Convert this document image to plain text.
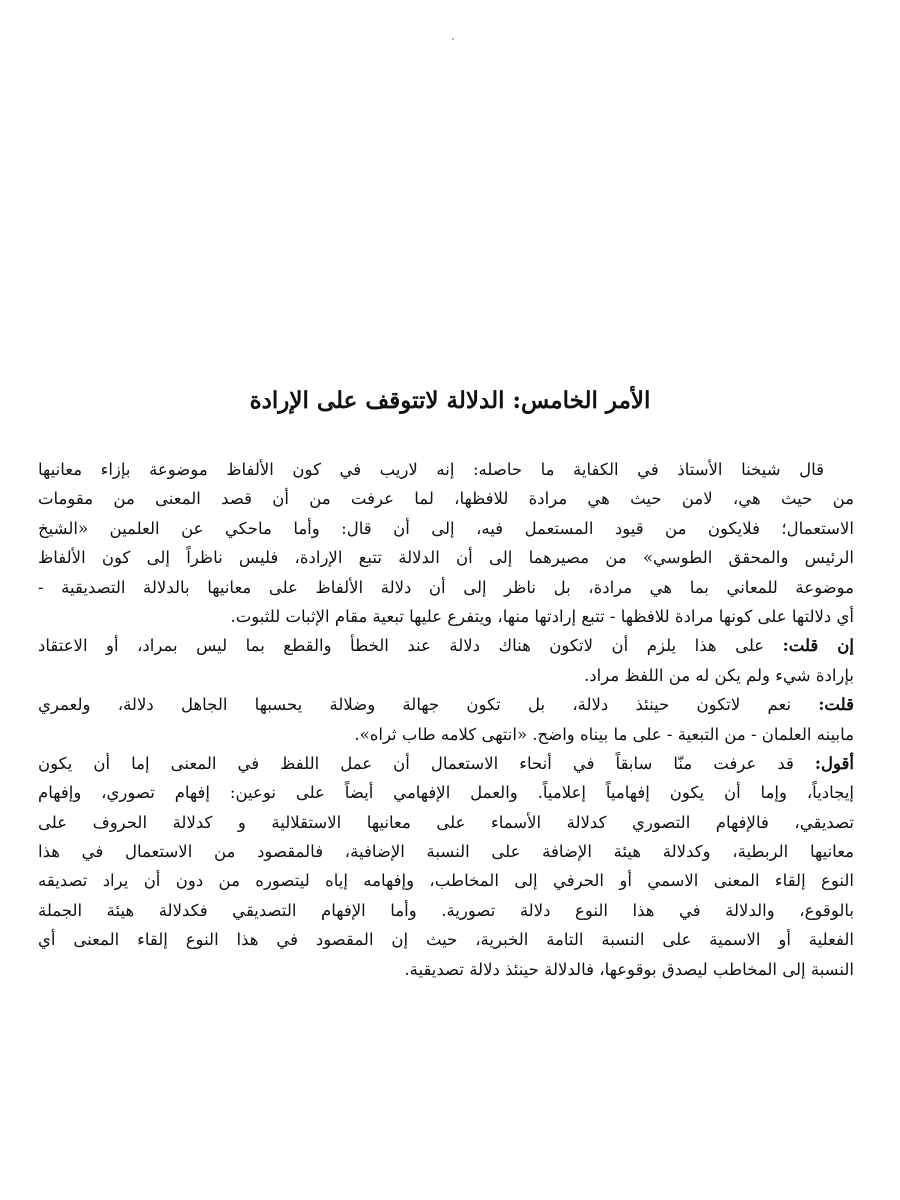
الأمر الخامس: الدلالة لاتتوقف على الإرادة
قال شيخنا الأستاذ في الكفاية ما حاصله: إنه لاريب في كون الألفاظ موضوعة بإزاء معانيها
من حيث هي، لامن حيث هي مرادة للافظها، لما عرفت من أن قصد المعنى من مقومات
الاستعمال؛ فلايكون من قيود المستعمل فيه، إلى أن قال: وأما ماحكي عن العلمين «الشيخ
الرئيس والمحقق الطوسي» من مصيرهما إلى أن الدلالة تتبع الإرادة، فليس ناظراً إلى كون الألفاظ
موضوعة للمعاني بما هي مرادة، بل ناظر إلى أن دلالة الألفاظ على معانيها بالدلالة التصديقية -
أي دلالتها على كونها مرادة للافظها - تتبع إرادتها منها، ويتفرع عليها تبعية مقام الإثبات للثبوت.
إن قلت: على هذا يلزم أن لاتكون هناك دلالة عند الخطأ والقطع بما ليس بمراد، أو الاعتقاد
بإرادة شيء ولم يكن له من اللفظ مراد.
قلت: نعم لاتكون حينئذ دلالة، بل تكون جهالة وضلالة يحسبها الجاهل دلالة، ولعمري
مابينه العلمان - من التبعية - على ما بيناه واضح. «انتهى كلامه طاب ثراه».
أقول: قد عرفت منّا سابقاً في أنحاء الاستعمال أن عمل اللفظ في المعنى إما أن يكون
إيجادياً، وإما أن يكون إفهامياً إعلامياً. والعمل الإفهامي أيضاً على نوعين: إفهام تصوري، وإفهام
تصديقي، فالإفهام التصوري كدلالة الأسماء على معانيها الاستقلالية و كدلالة الحروف على
معانيها الربطية، وكدلالة هيئة الإضافة على النسبة الإضافية، فالمقصود من الاستعمال في هذا
النوع إلقاء المعنى الاسمي أو الحرفي إلى المخاطب، وإفهامه إياه ليتصوره من دون أن يراد تصديقه
بالوقوع، والدلالة في هذا النوع دلالة تصورية. وأما الإفهام التصديقي فكدلالة هيئة الجملة
الفعلية أو الاسمية على النسبة التامة الخبرية، حيث إن المقصود في هذا النوع إلقاء المعنى أي
النسبة إلى المخاطب ليصدق بوقوعها، فالدلالة حينئذ دلالة تصديقية.
